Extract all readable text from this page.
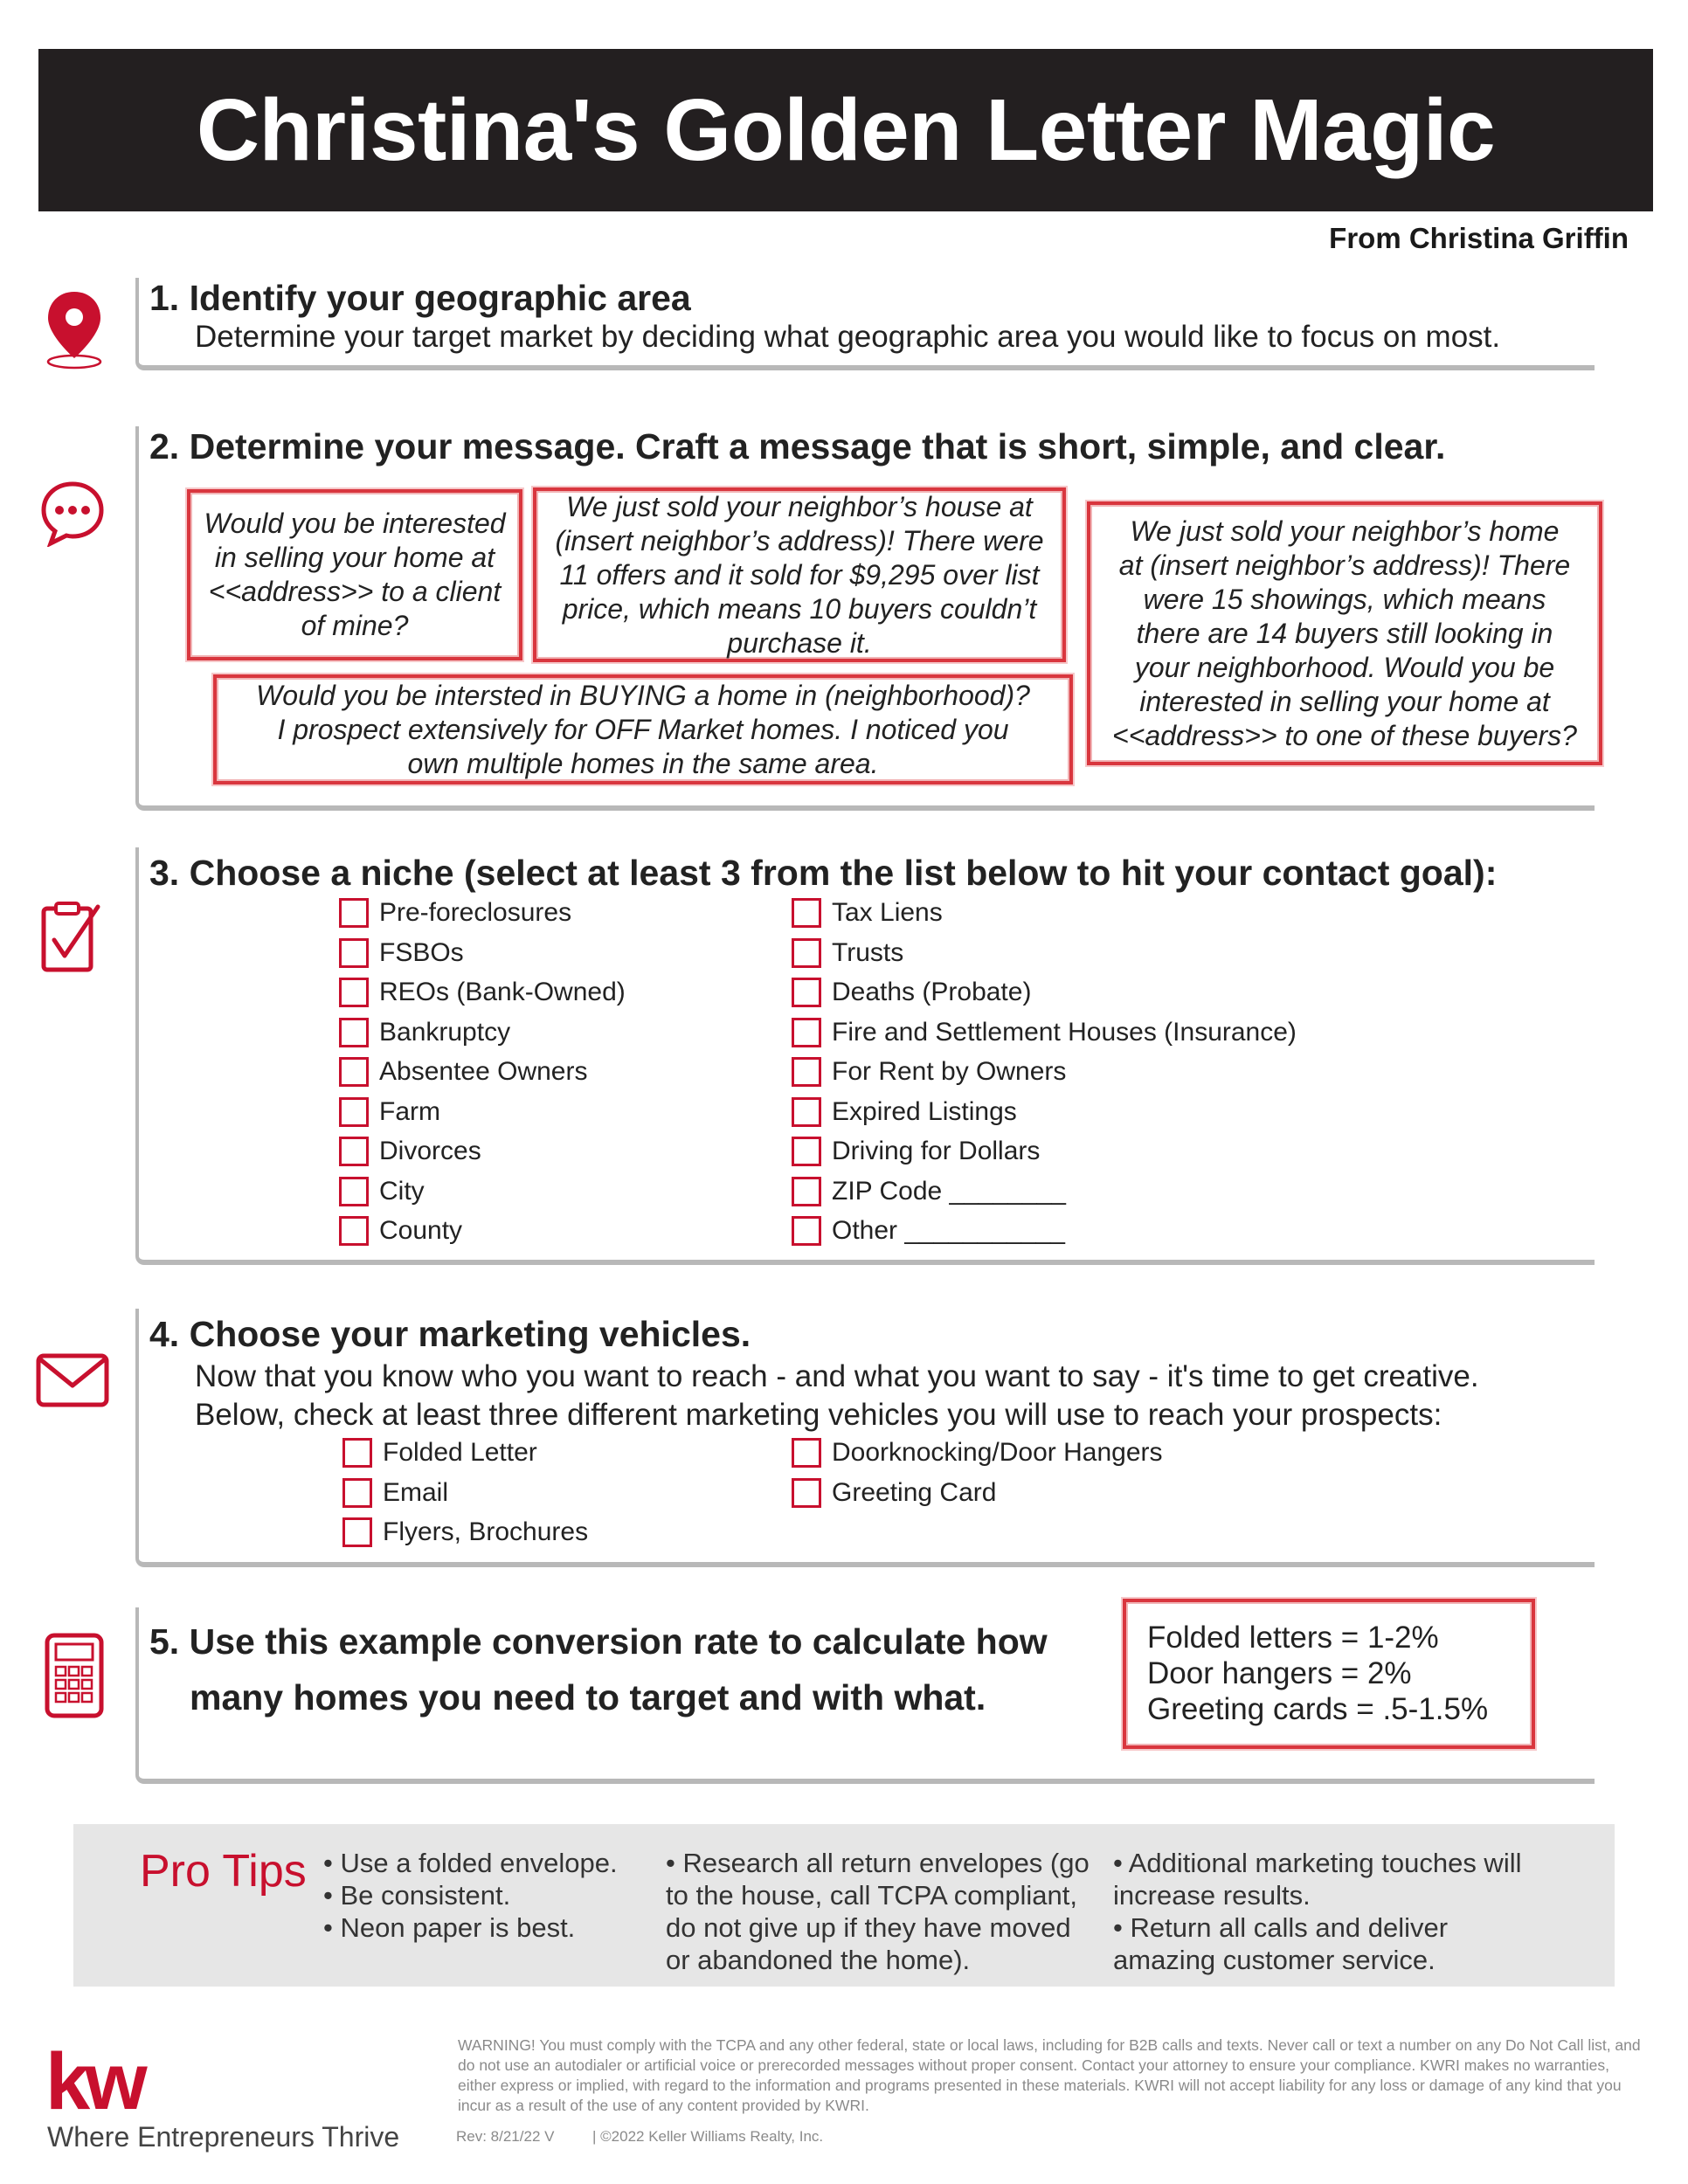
Christina's Golden Letter Magic
From Christina Griffin
1. Identify your geographic area
Determine your target market by deciding what geographic area you would like to focus on most.
2. Determine your message. Craft a message that is short, simple, and clear.
Would you be interested
in selling your home at
<<address>> to a client
of mine?
We just sold your neighbor’s house at
(insert neighbor’s address)! There were
11 offers and it sold for $9,295 over list
price, which means 10 buyers couldn’t
purchase it.
We just sold your neighbor’s home
at (insert neighbor’s address)! There
were 15 showings, which means
there are 14 buyers still looking in
your neighborhood. Would you be
interested in selling your home at
<<address>> to one of these buyers?
Would you be intersted in BUYING a home in (neighborhood)?
I prospect extensively for OFF Market homes. I noticed you
own multiple homes in the same area.
3. Choose a niche (select at least 3 from the list below to hit your contact goal):
Pre-foreclosures
FSBOs
REOs (Bank-Owned)
Bankruptcy
Absentee Owners
Farm
Divorces
City
County
Tax Liens
Trusts
Deaths (Probate)
Fire and Settlement Houses (Insurance)
For Rent by Owners
Expired Listings
Driving for Dollars
ZIP Code ________
Other ___________
4. Choose your marketing vehicles.
Now that you know who you want to reach - and what you want to say - it's time to get creative.
Below, check at least three different marketing vehicles you will use to reach your prospects:
Folded Letter
Email
Flyers, Brochures
Doorknocking/Door Hangers
Greeting Card
5. Use this example conversion rate to calculate how
many homes you need to target and with what.
Folded letters = 1-2%
Door hangers = 2%
Greeting cards = .5-1.5%
Pro Tips • Use a folded envelope.
• Be consistent.
• Neon paper is best.
• Research all return envelopes (go
to the house, call TCPA compliant,
do not give up if they have moved
or abandoned the home).
• Additional marketing touches will
increase results.
• Return all calls and deliver
amazing customer service.
kw
Where Entrepreneurs Thrive
WARNING! You must comply with the TCPA and any other federal, state or local laws, including for B2B calls and texts. Never call or text a number on any Do Not Call list, and do not use an autodialer or artificial voice or prerecorded messages without proper consent. Contact your attorney to ensure your compliance. KWRI makes no warranties, either express or implied, with regard to the information and programs presented in these materials. KWRI will not accept liability for any loss or damage of any kind that you incur as a result of the use of any content provided by KWRI.
Rev: 8/21/22 V	| ©2022 Keller Williams Realty, Inc.
